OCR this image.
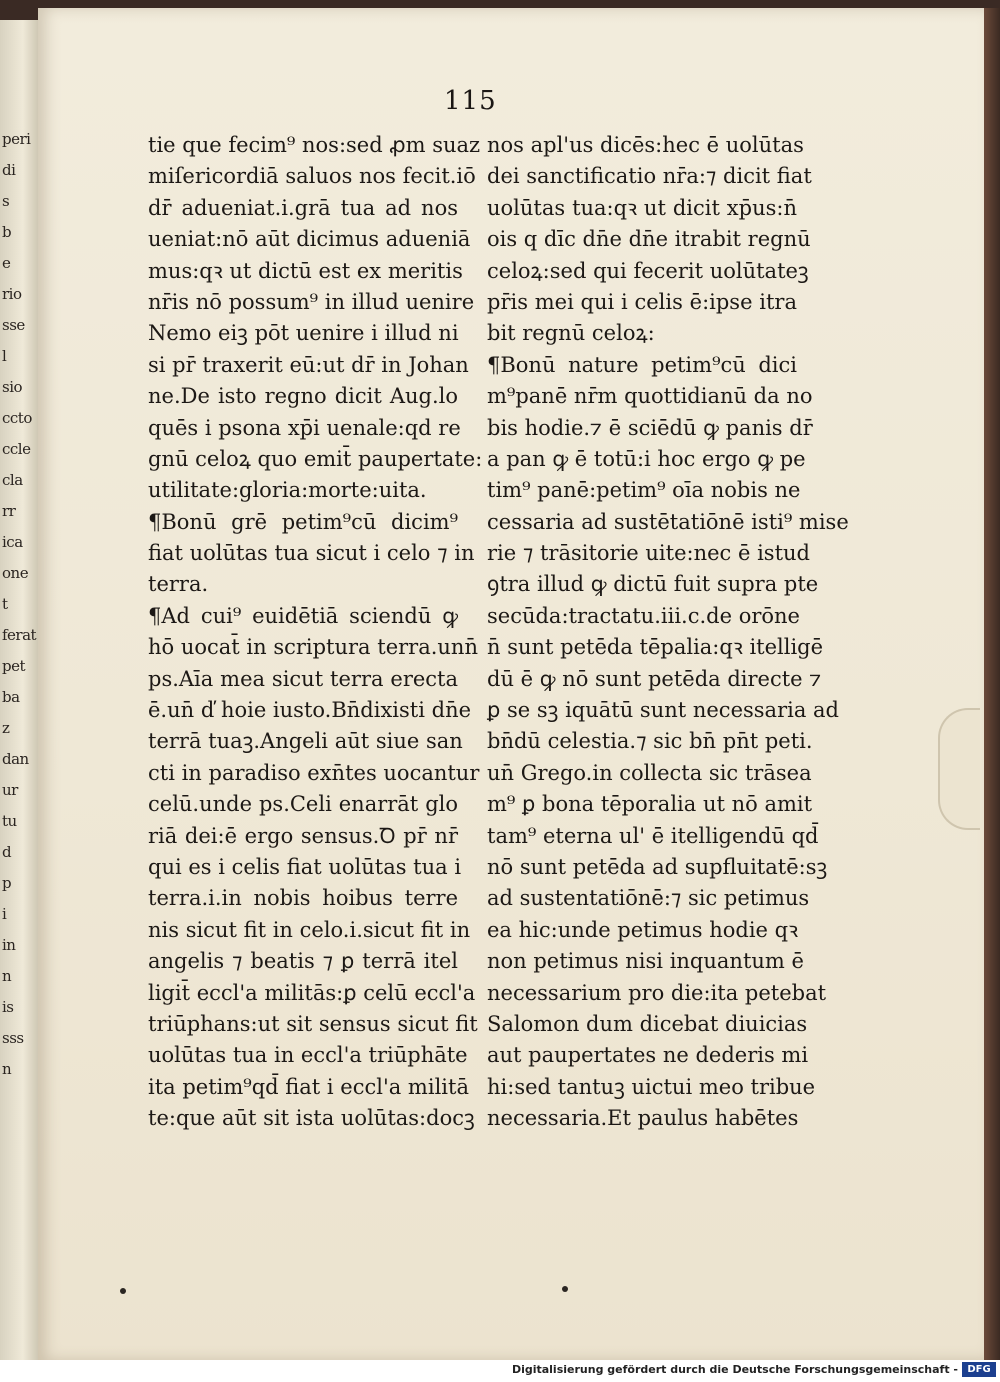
peri
di
s
b
e
rio
sse
l
sio
ccto
ccle
cla
rr
ica
one
t
ferat
pet
ba
z
dan
ur
tu
d
p
i
in
n
is
sss
n
115
tie que fecim⁹ nos:sed ꝓm suaz
miſericordiā saluos nos fecit.iō
dr̄ adueniat.i.grā tua ad nos
ueniat:nō aūt dicimus adueniā
mus:qꝛ ut dictū est ex meritis
nr̄is nō possum⁹ in illud uenire
Nemo eiꝫ pōt uenire i illud ni
si pr̄ traxerit eū:ut dr̄ in Johan
ne.De isto regno dicit Aug.lo
quēs i psona xp̄i uenale:qd re
gnū celoꝝ quo emit̄ paupertate:
utilitate:gloria:morte:uita.
¶Bonū grē petim⁹cū dicim⁹
fiat uolūtas tua sicut i celo ⁊ in
terra.
¶Ad cui⁹ euidētiā sciendū ꝙ
hō uocat̄ in scriptura terra.unn̄
ps.Aīa mea sicut terra erecta
ē.un̄ ď hoie iusto.Bn̄dixisti dn̄e
terrā tuaꝫ.Angeli aūt siue san
cti in paradiso exn̄tes uocantur
celū.unde ps.Celi enarrāt glo
riā dei:ē ergo sensus.Ꝺ pr̄ nr̄
qui es i celis fiat uolūtas tua i
terra.i.in nobis hoibus terre
nis sicut fit in celo.i.sicut fit in
angelis ⁊ beatis ⁊ ꝑ terrā itel
ligit̄ eccl'a militās:ꝑ celū eccl'a
triūphans:ut sit sensus sicut fit
uolūtas tua in eccl'a triūphāte
ita petim⁹qd̄ fiat i eccl'a militā
te:que aūt sit ista uolūtas:docꝫ
nos apl'us dicēs:hec ē uolūtas
dei sanctificatio nr̄a:⁊ dicit fiat
uolūtas tua:qꝛ ut dicit xp̄us:n̄
ois q dīc dn̄e dn̄e itrabit regnū
celoꝝ:sed qui fecerit uolūtateꝫ
pr̄is mei qui i celis ē:ipse itra
bit regnū celoꝝ:
¶Bonū nature petim⁹cū dici
m⁹panē nr̄m quottidianū da no
bis hodie.⁊ ē sciēdū ꝙ panis dr̄
a pan ꝙ ē totū:i hoc ergo ꝙ pe
tim⁹ panē:petim⁹ oīa nobis ne
cessaria ad sustētatiōnē isti⁹ mise
rie ⁊ trāsitorie uite:nec ē istud
ꝯtra illud ꝙ dictū fuit supra pte
secūda:tractatu.iii.c.de orōne
n̄ sunt petēda tēpalia:qꝛ itelligē
dū ē ꝙ nō sunt petēda directe ⁊
ꝑ se sꝫ iquātū sunt necessaria ad
bn̄dū celestia.⁊ sic bn̄ pn̄t peti.
un̄ Grego.in collecta sic trāsea
m⁹ ꝑ bona tēporalia ut nō amit
tam⁹ eterna ul' ē itelligendū qd̄
nō sunt petēda ad supfluitatē:sꝫ
ad sustentatiōnē:⁊ sic petimus
ea hic:unde petimus hodie qꝛ
non petimus nisi inquantum ē
necessarium pro die:ita petebat
Salomon dum dicebat diuicias
aut paupertates ne dederis mi
hi:sed tantuꝫ uictui meo tribue
necessaria.Et paulus habētes
Digitalisierung gefördert durch die Deutsche Forschungsgemeinschaft - DFG
